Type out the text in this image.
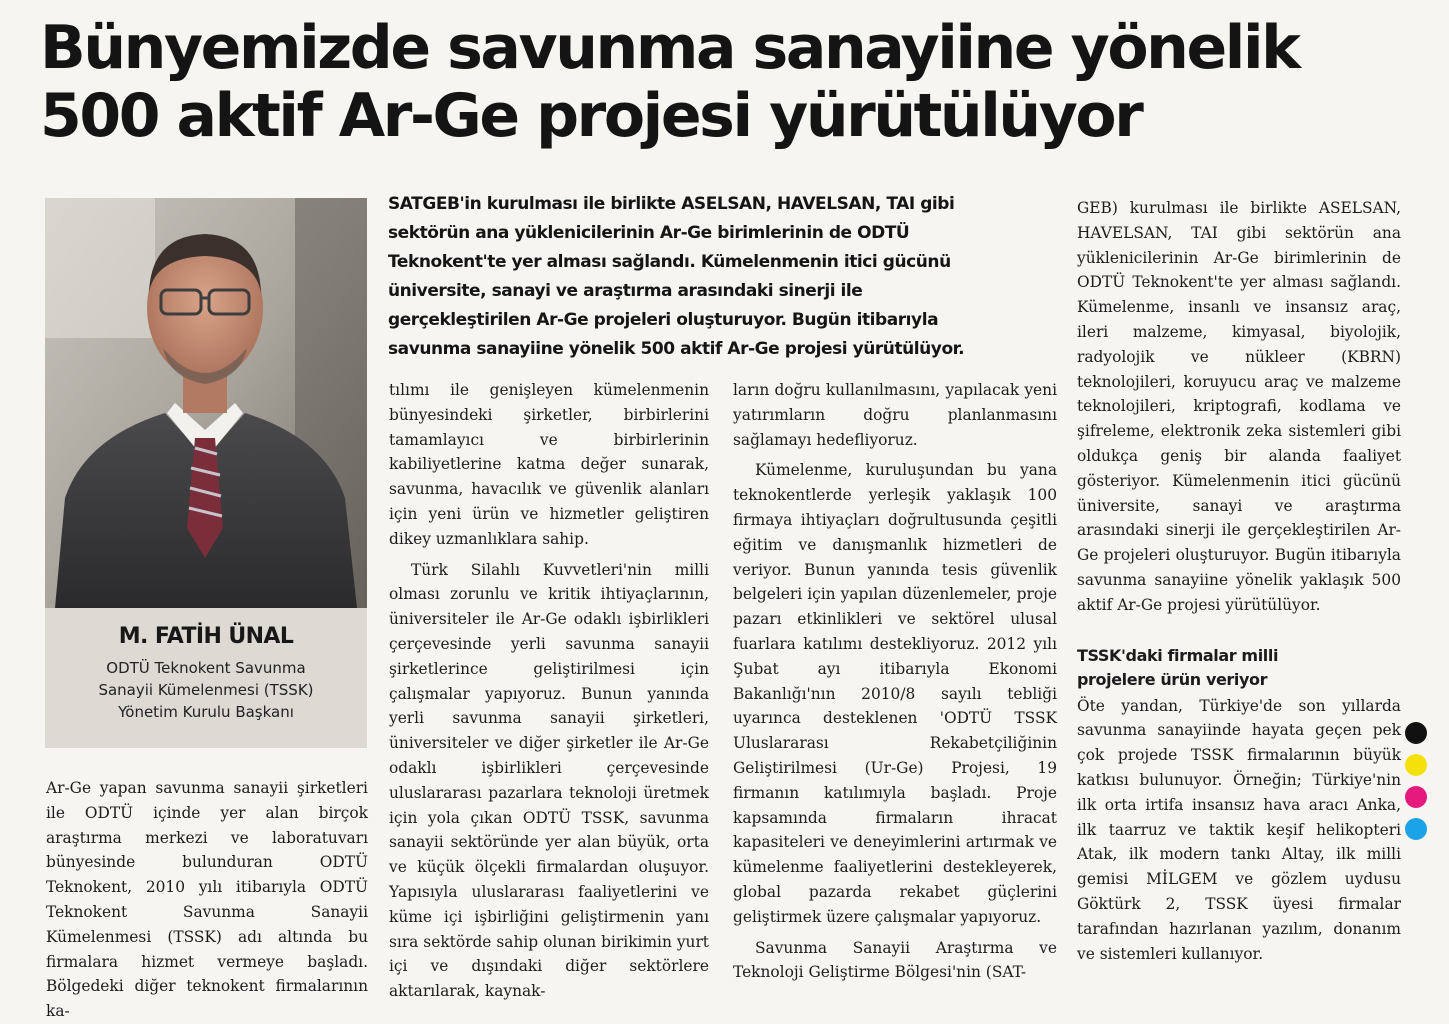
Bünyemizde savunma sanayiine yönelik
500 aktif Ar-Ge projesi yürütülüyor
M. FATİH ÜNAL
ODTÜ Teknokent Savunma
Sanayii Kümelenmesi (TSSK)
Yönetim Kurulu Başkanı
SATGEB'in kurulması ile birlikte ASELSAN, HAVELSAN, TAI gibi sektörün ana yüklenicilerinin Ar-Ge birimlerinin de ODTÜ Teknokent'te yer alması sağlandı. Kümelenmenin itici gücünü üniversite, sanayi ve araştırma arasındaki sinerji ile gerçekleştirilen Ar-Ge projeleri oluşturuyor. Bugün itibarıyla savunma sanayiine yönelik 500 aktif Ar-Ge projesi yürütülüyor.

Ar-Ge yapan savunma sanayii şirketleri ile ODTÜ içinde yer alan birçok araştırma merkezi ve laboratuvarı bünyesinde bulunduran ODTÜ Teknokent, 2010 yılı itibarıyla ODTÜ Teknokent Savunma Sanayii Kümelenmesi (TSSK) adı altında bu firmalara hizmet vermeye başladı. Bölgedeki diğer teknokent firmalarının ka-

tılımı ile genişleyen kümelenmenin bünyesindeki şirketler, birbirlerini tamamlayıcı ve birbirlerinin kabiliyetlerine katma değer sunarak, savunma, havacılık ve güvenlik alanları için yeni ürün ve hizmetler geliştiren dikey uzmanlıklara sahip.

Türk Silahlı Kuvvetleri'nin milli olması zorunlu ve kritik ihtiyaçlarının, üniversiteler ile Ar-Ge odaklı işbirlikleri çerçevesinde yerli savunma sanayii şirketlerince geliştirilmesi için çalışmalar yapıyoruz. Bunun yanında yerli savunma sanayii şirketleri, üniversiteler ve diğer şirketler ile Ar-Ge odaklı işbirlikleri çerçevesinde uluslararası pazarlara teknoloji üretmek için yola çıkan ODTÜ TSSK, savunma sanayii sektöründe yer alan büyük, orta ve küçük ölçekli firmalardan oluşuyor. Yapısıyla uluslararası faaliyetlerini ve küme içi işbirliğini geliştirmenin yanı sıra sektörde sahip olunan birikimin yurt içi ve dışındaki diğer sektörlere aktarılarak, kaynak-

ların doğru kullanılmasını, yapılacak yeni yatırımların doğru planlanmasını sağlamayı hedefliyoruz.

Kümelenme, kuruluşundan bu yana teknokentlerde yerleşik yaklaşık 100 firmaya ihtiyaçları doğrultusunda çeşitli eğitim ve danışmanlık hizmetleri de veriyor. Bunun yanında tesis güvenlik belgeleri için yapılan düzenlemeler, proje pazarı etkinlikleri ve sektörel ulusal fuarlara katılımı destekliyoruz. 2012 yılı Şubat ayı itibarıyla Ekonomi Bakanlığı'nın 2010/8 sayılı tebliği uyarınca desteklenen 'ODTÜ TSSK Uluslararası Rekabetçiliğinin Geliştirilmesi (Ur-Ge) Projesi, 19 firmanın katılımıyla başladı. Proje kapsamında firmaların ihracat kapasiteleri ve deneyimlerini artırmak ve kümelenme faaliyetlerini destekleyerek, global pazarda rekabet güçlerini geliştirmek üzere çalışmalar yapıyoruz.

Savunma Sanayii Araştırma ve Teknoloji Geliştirme Bölgesi'nin (SAT-

GEB) kurulması ile birlikte ASELSAN, HAVELSAN, TAI gibi sektörün ana yüklenicilerinin Ar-Ge birimlerinin de ODTÜ Teknokent'te yer alması sağlandı. Kümelenme, insanlı ve insansız araç, ileri malzeme, kimyasal, biyolojik, radyolojik ve nükleer (KBRN) teknolojileri, koruyucu araç ve malzeme teknolojileri, kriptografi, kodlama ve şifreleme, elektronik zeka sistemleri gibi oldukça geniş bir alanda faaliyet gösteriyor. Kümelenmenin itici gücünü üniversite, sanayi ve araştırma arasındaki sinerji ile gerçekleştirilen Ar-Ge projeleri oluşturuyor. Bugün itibarıyla savunma sanayiine yönelik yaklaşık 500 aktif Ar-Ge projesi yürütülüyor.

TSSK'daki firmalar milli
projelere ürün veriyor

Öte yandan, Türkiye'de son yıllarda savunma sanayiinde hayata geçen pek çok projede TSSK firmalarının büyük katkısı bulunuyor. Örneğin; Türkiye'nin ilk orta irtifa insansız hava aracı Anka, ilk taarruz ve taktik keşif helikopteri Atak, ilk modern tankı Altay, ilk milli gemisi MİLGEM ve gözlem uydusu Göktürk 2, TSSK üyesi firmalar tarafından hazırlanan yazılım, donanım ve sistemleri kullanıyor.
